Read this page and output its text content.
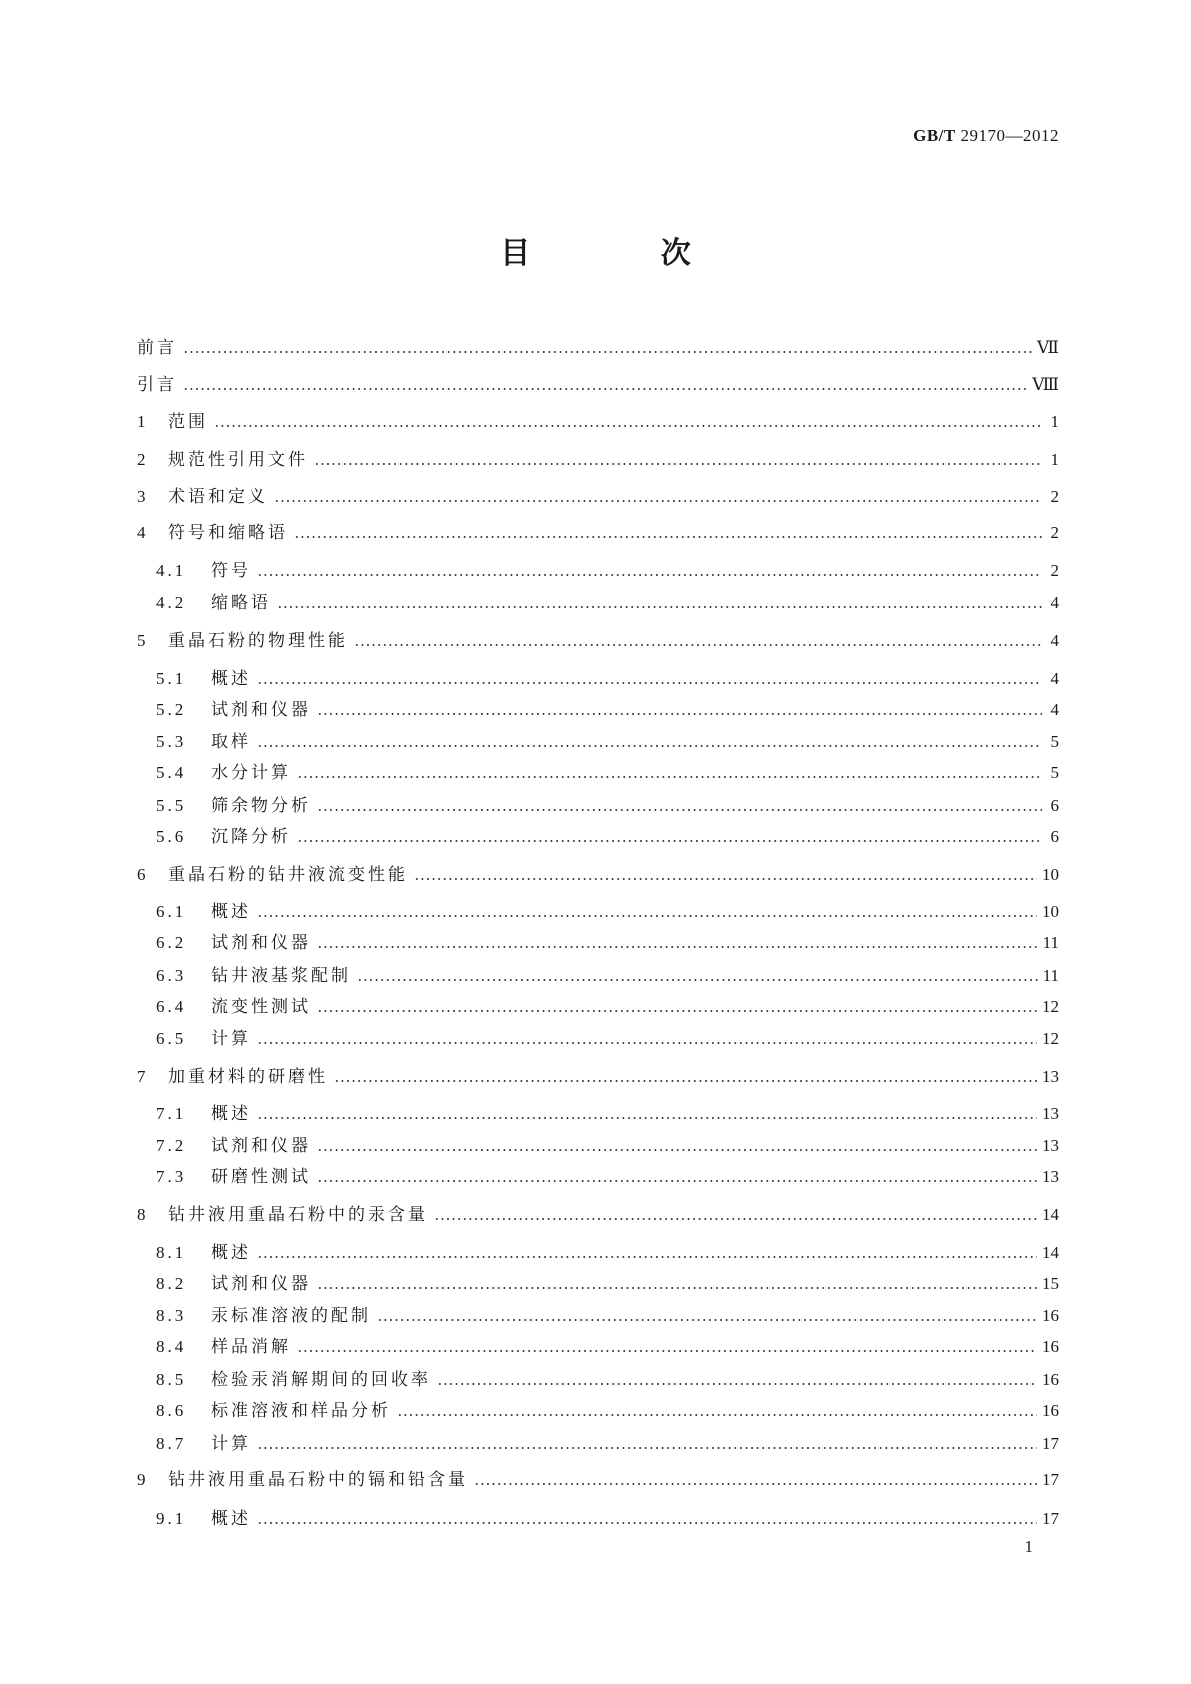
GB/T 29170—2012
目 次
前言	Ⅶ
引言	Ⅷ
1	范围	1
2	规范性引用文件	1
3	术语和定义	2
4	符号和缩略语	2
4.1	符号	2
4.2	缩略语	4
5	重晶石粉的物理性能	4
5.1	概述	4
5.2	试剂和仪器	4
5.3	取样	5
5.4	水分计算	5
5.5	筛余物分析	6
5.6	沉降分析	6
6	重晶石粉的钻井液流变性能	10
6.1	概述	10
6.2	试剂和仪器	11
6.3	钻井液基浆配制	11
6.4	流变性测试	12
6.5	计算	12
7	加重材料的研磨性	13
7.1	概述	13
7.2	试剂和仪器	13
7.3	研磨性测试	13
8	钻井液用重晶石粉中的汞含量	14
8.1	概述	14
8.2	试剂和仪器	15
8.3	汞标准溶液的配制	16
8.4	样品消解	16
8.5	检验汞消解期间的回收率	16
8.6	标准溶液和样品分析	16
8.7	计算	17
9	钻井液用重晶石粉中的镉和铅含量	17
9.1	概述	17
1
